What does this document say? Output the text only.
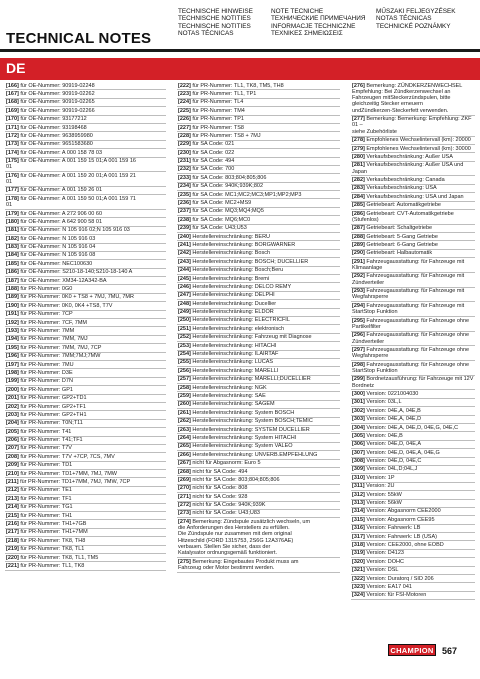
TECHNISCHE HINWEISE
TECHNISCHE NOTITIES
TECHNISCHE NOTITIES
NOTAS TÉCNICAS
NOTE TECNICHE
ТЕХНИЧЕСКИЕ ПРИМЕЧАНИЯ
INFORMACJE TECHNICZNE
ΤΕΧΝΙΚΕΣ ΣΗΜΕΙΩΣΕΙΣ
MŰSZAKI FELJEGYZÉSEK
NOTAS TÉCNICAS
TECHNICKÉ POZNÁMKY
TECHNICAL NOTES
DE
[166] für OE-Nummer: 90919-02248
[167] für OE-Nummer: 90919-02262
[168] für OE-Nummer: 90919-02265
[169] für OE-Nummer: 90919-02266
[170] für OE-Nummer: 93177212
[171] für OE-Nummer: 93198468
[172] für OE-Nummer: 9638959980
[173] für OE-Nummer: 9651583680
[174] für OE-Nummer: A 000 158 78 03
[175] für OE-Nummer: A 001 159 15 01;A 001 159 16
01
[176] für OE-Nummer: A 001 159 20 01;A 001 159 21
01
[177] für OE-Nummer: A 001 159 26 01
[178] für OE-Nummer: A 001 159 50 01;A 001 159 71
01
[179] für OE-Nummer: A 272 906 00 60
[180] für OE-Nummer: A 642 900 58 01
[181] für OE-Nummer: N 105 916 02;N 105 916 03
[182] für OE-Nummer: N 105 916 03
[183] für OE-Nummer: N 105 916 04
[184] für OE-Nummer: N 105 916 08
[185] für OE-Nummer: NEC100630
[186] für OE-Nummer: S210-18-140;S210-18-140 A
[187] für OE-Nummer: XM34-12A342-BA
[188] für PR-Nummer: 0G0
[189] für PR-Nummer: 0K0 + TS8 + 7MJ, 7MU, 7MR
[190] für PR-Nummer: 0K0, 0K4 +TS8, T7V
[191] für PR-Nummer: 7CP
[192] für PR-Nummer: 7CF, 7MM
[193] für PR-Nummer: 7MM
[194] für PR-Nummer: 7MM, 7MJ
[195] für PR-Nummer: 7MM, 7MJ, 7CP
[196] für PR-Nummer: 7MM;7MJ;7MW
[197] für PR-Nummer: 7MU
[198] für PR-Nummer: D3E
[199] für PR-Nummer: D7N
[200] für PR-Nummer: GP1
[201] für PR-Nummer: GP2+TD1
[202] für PR-Nummer: GP2+TF1
[203] für PR-Nummer: GP2+TH1
[204] für PR-Nummer: T0N;T11
[205] für PR-Nummer: T41
[206] für PR-Nummer: T41;TF1
[207] für PR-Nummer: T7V
[208] für PR-Nummer: T7V +7CP, 7CS, 7MV
[209] für PR-Nummer: TD1
[210] für PR-Nummer: TD1+7MM, 7MJ, 7MW
[211] für PR-Nummer: TD1+7MM, 7MJ, 7MW, 7CP
[212] für PR-Nummer: TE1
[213] für PR-Nummer: TF1
[214] für PR-Nummer: TG1
[215] für PR-Nummer: TH1
[216] für PR-Nummer: TH1+7GB
[217] für PR-Nummer: TH1+7MM
[218] für PR-Nummer: TK8, TH8
[219] für PR-Nummer: TK8, TL1
[220] für PR-Nummer: TK8, TL1, TM5
[221] für PR-Nummer: TL1, TK8
[222] für PR-Nummer: TL1, TK8, TM5, TH8
[223] für PR-Nummer: TL1, TP1
[224] für PR-Nummer: TL4
[225] für PR-Nummer: TM4
[226] für PR-Nummer: TP1
[227] für PR-Nummer: TS8
[228] für PR-Nummer: TS8 + 7MJ
[229] für SA Code: 021
[230] für SA Code: 022
[231] für SA Code: 494
[232] für SA Code: 700
[233] für SA Code: 803;804;805;806
[234] für SA Code: 940K;939K;802
[235] für SA Code: MC1;MC2;MC3;MP1;MP2;MP3
[236] für SA Code: MC2+MS9
[237] für SA Code: MQ3;MQ4;MQ5
[238] für SA Code: MQ6;MC0
[239] für SA Code: U43;U53
[240] Herstellereinschränkung: BERU
[241] Herstellereinschränkung: BORGWARNER
[242] Herstellereinschränkung: Bosch
[243] Herstellereinschränkung: BOSCH; DUCELLIER
[244] Herstellereinschränkung: Bosch;Beru
[245] Herstellereinschränkung: Bremi
[246] Herstellereinschränkung: DELCO REMY
[247] Herstellereinschränkung: DELPHI
[248] Herstellereinschränkung: Ducellier
[249] Herstellereinschränkung: ELDOR
[250] Herstellereinschränkung: ELECTRICFIL
[251] Herstellereinschränkung: elektronisch
[252] Herstellereinschränkung: Fahrzeug mit Diagnose
[253] Herstellereinschränkung: HITACHI
[254] Herstellereinschränkung: ILAIRTAF
[255] Herstellereinschränkung: LUCAS
[256] Herstellereinschränkung: MARELLI
[257] Herstellereinschränkung: MARELLI;DUCELLIER
[258] Herstellereinschränkung: NGK
[259] Herstellereinschränkung: SAE
[260] Herstellereinschränkung: SAGEM
[261] Herstellereinschränkung: System BOSCH
[262] Herstellereinschränkung: System BOSCH;TEMIC
[263] Herstellereinschränkung: SYSTEM DUCELLIER
[264] Herstellereinschränkung: System HITACHI
[265] Herstellereinschränkung: System VALEO
[266] Herstellereinschränkung: UNVERB.EMPFEHLUNG
[267] nicht für Abgasnorm: Euro 5
[268] nicht für SA Code: 494
[269] nicht für SA Code: 803;804;805;806
[270] nicht für SA Code: 808
[271] nicht für SA Code: 928
[272] nicht für SA Code: 940K;939K
[273] nicht für SA Code: U43;U83
[274] Bemerkung: Zündspule zusätzlich wechseln, um
die Anforderungen des Herstellers zu erfüllen.
Die Zündspule nur zusammen mit dem original
Hitzeschild (FORD 1315753, 2S6G 12A376AE)
verbauen. Stellen Sie sicher, dass der
Katalysator ordnungsgemäß funktioniert.
[275] Bemerkung: Eingebautes Produkt muss am
Fahrzeug oder Motor bestimmt werden.
[276] Bemerkung: ZÜNDKERZENWECHSEL
Empfehlung: Bei Zündkerzenwechsel an
Fahrzeugen mitSteckerzündspulen, bitte
gleichzeitig Stecker erneuern
undZündkerzen-Steckerfett verwenden.
[277] Bemerkung: Bemerkung: Empfehlung: ZKF 01 –
siehe Zubehörliste
[278] Empfohlenes Wechselintervall (km): 20000
[279] Empfohlenes Wechselintervall (km): 30000
[280] Verkaufsbeschränkung: Außer USA
[281] Verkaufsbeschränkung: Außer USA und Japan
[282] Verkaufsbeschränkung: Canada
[283] Verkaufsbeschränkung: USA
[284] Verkaufsbeschränkung: USA und Japan
[285] Getriebeart: Automatikgetriebe
[286] Getriebeart: CVT-Automatikgetriebe (Stufenlos)
[287] Getriebeart: Schaltgetriebe
[288] Getriebeart: 5-Gang Getriebe
[289] Getriebeart: 6-Gang Getriebe
[290] Getriebeart: Halbautomatik
[291] Fahrzeugausstattung: für Fahrzeuge mit
Klimaanlage
[292] Fahrzeugausstattung: für Fahrzeuge mit
Zündverteiler
[293] Fahrzeugausstattung: für Fahrzeuge mit
Wegfahrsperre
[294] Fahrzeugausstattung: für Fahrzeuge mit
StartStop Funktion
[295] Fahrzeugausstattung: für Fahrzeuge ohne
Partikelfilter
[296] Fahrzeugausstattung: für Fahrzeuge ohne
Zündverteiler
[297] Fahrzeugausstattung: für Fahrzeuge ohne
Wegfahrsperre
[298] Fahrzeugausstattung: für Fahrzeuge ohne
StartStop Funktion
[299] Bordnetzausführung: für Fahrzeuge mit 12V
Bordnetz
[300] Version: 0221004030
[301] Version: 03L,L
[302] Version: 04E,A, 04E,B
[303] Version: 04E,A, 04E,D
[304] Version: 04E,A, 04E,D, 04E,G, 04E,C
[305] Version: 04E,B
[306] Version: 04E,D, 04E,A
[307] Version: 04E,D, 04E,A, 04E,G
[308] Version: 04E,D, 04E,C
[309] Version: 04L,D;04L,J
[310] Version: 1P
[311] Version: 2U
[312] Version: 55kW
[313] Version: 56kW
[314] Version: Abgasnorm CEE2000
[315] Version: Abgasnorm CEE95
[316] Version: Fahrwerk: LB
[317] Version: Fahrwerk: LB (USA)
[318] Version: CEE2000, ohne EOBD
[319] Version: D4123
[320] Version: DOHC
[321] Version: DSL
[322] Version: Duratorq / SID 206
[323] Version: EA17 041
[324] Version: für FSI-Motoren
CHAMPION 567
